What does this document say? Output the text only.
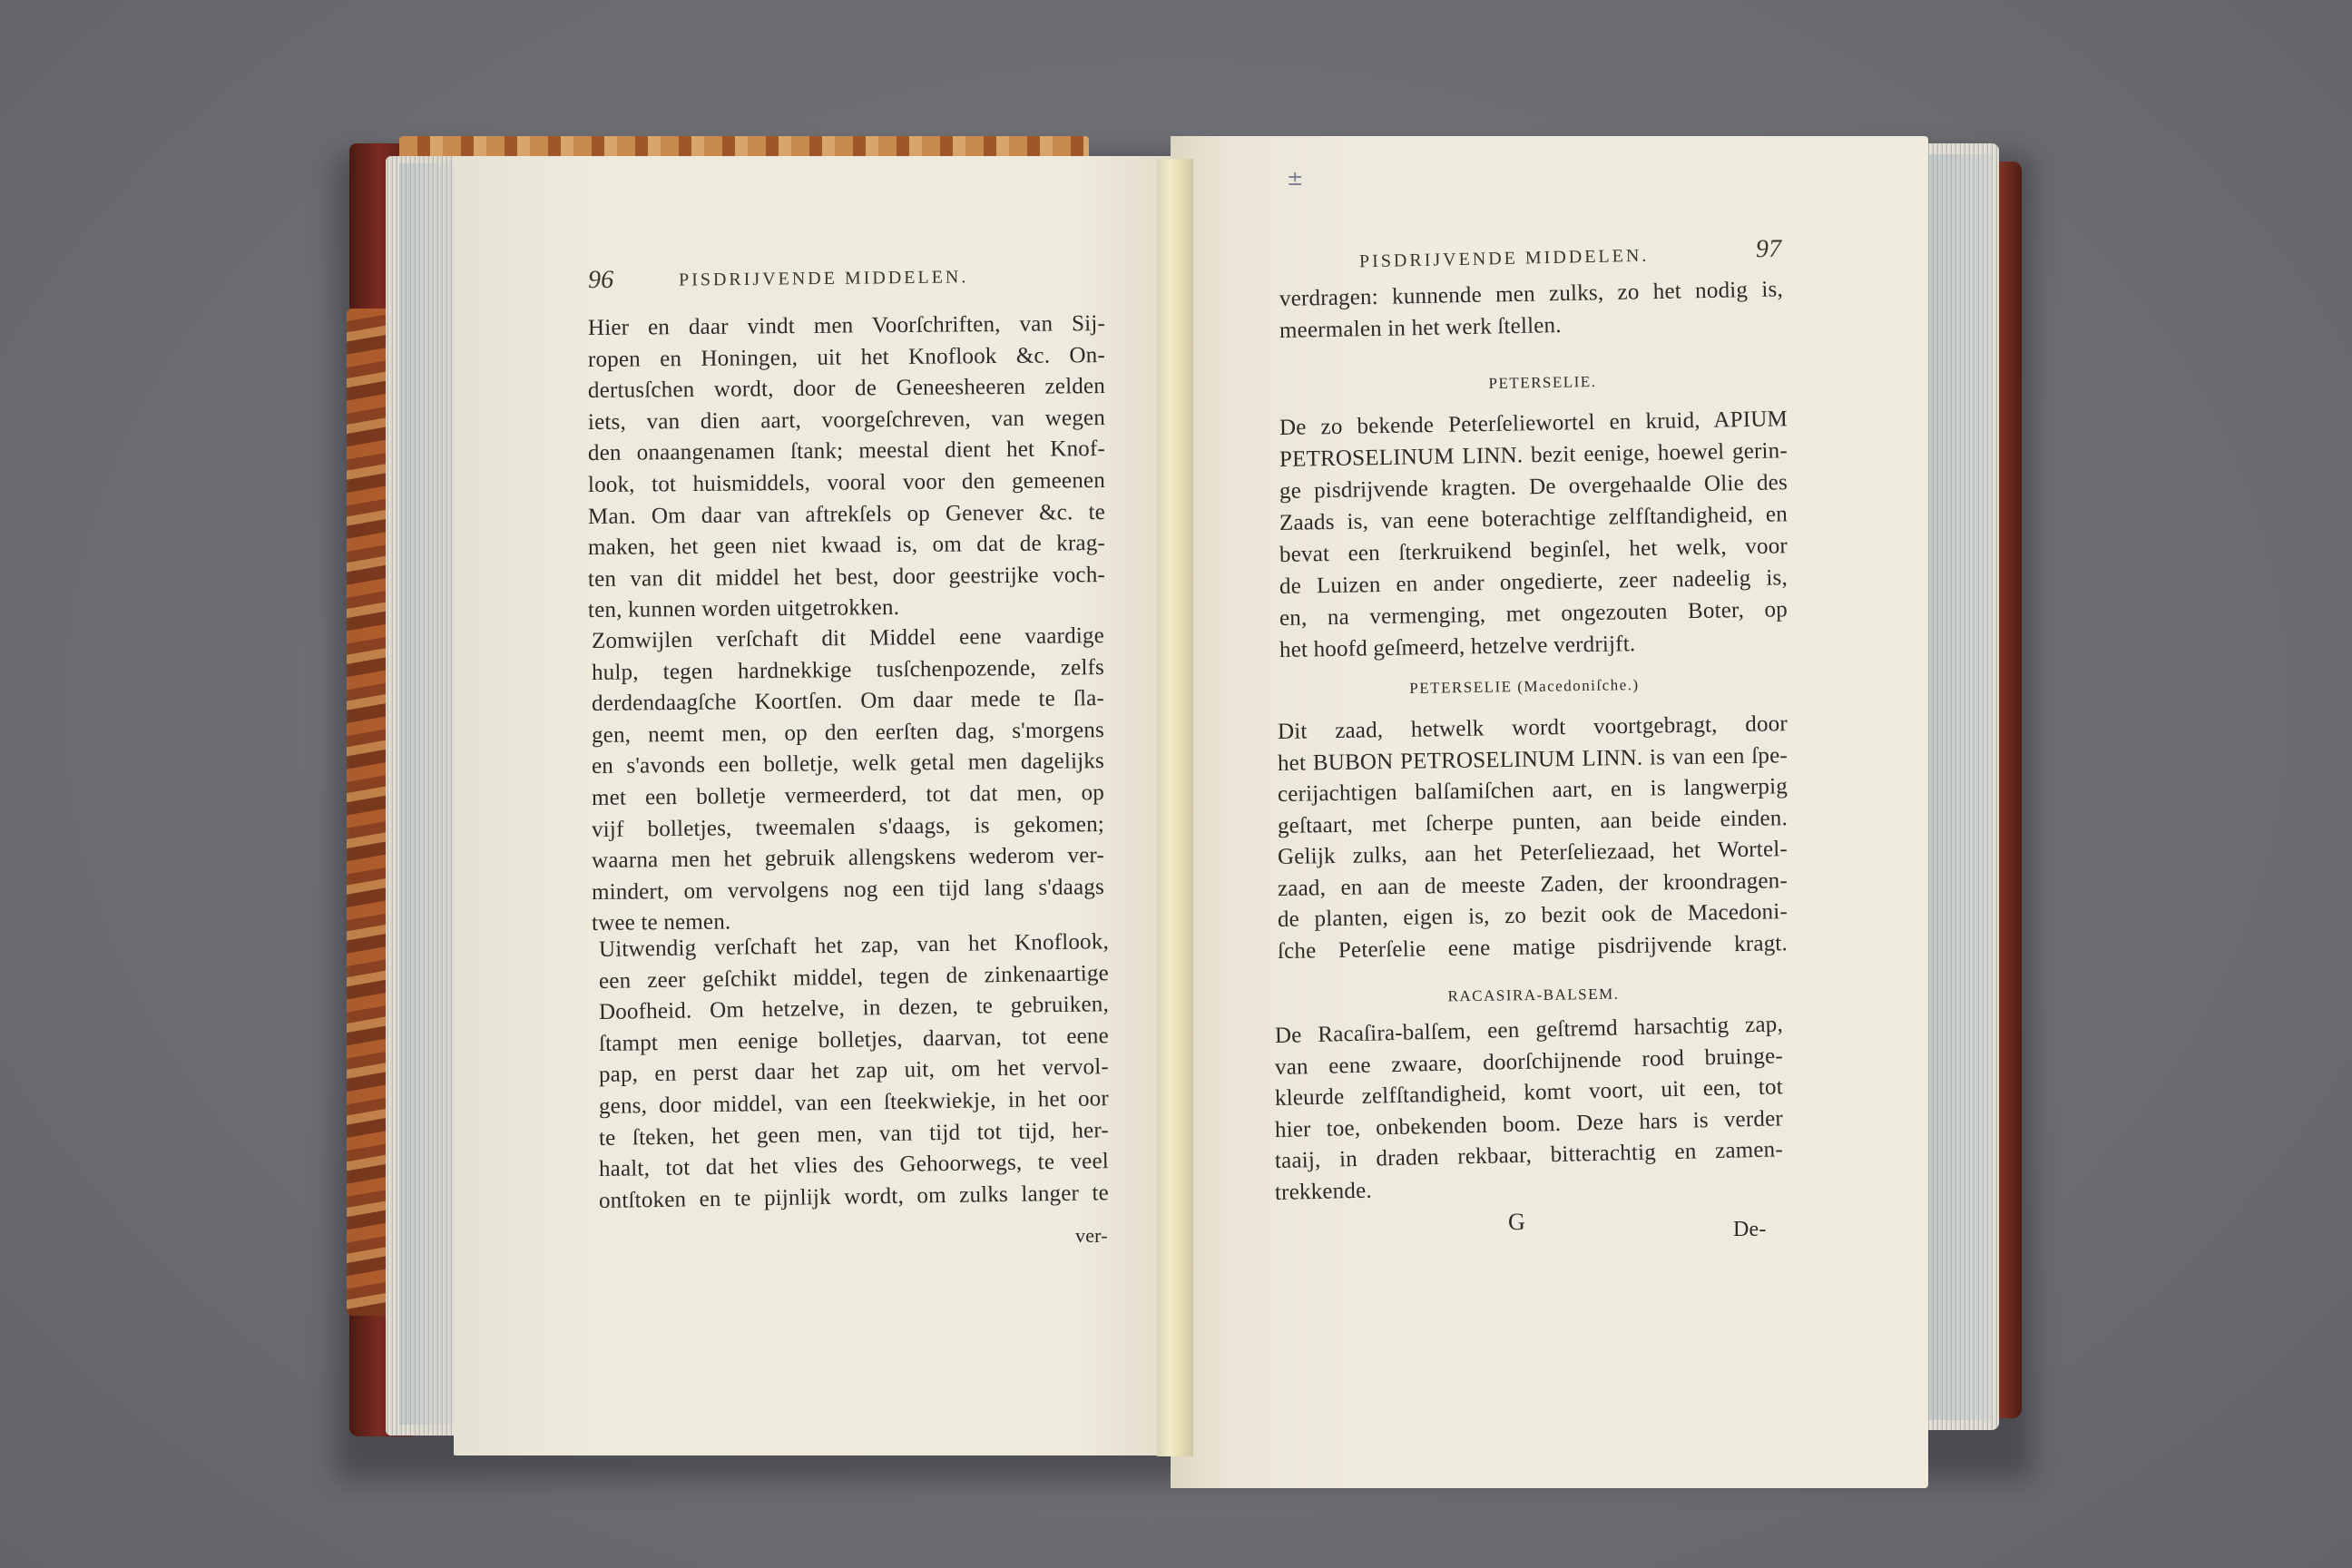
±
96	PISDRIJVENDE MIDDELEN.
Hier en daar vindt men Voorſchriften, van Sij-
ropen en Honingen, uit het Knoflook &c. On-
dertusſchen wordt, door de Geneesheeren zelden
iets, van dien aart, voorgeſchreven, van wegen
den onaangenamen ſtank; meestal dient het Knof-
look, tot huismiddels, vooral voor den gemeenen
Man. Om daar van aftrekſels op Genever &c. te
maken, het geen niet kwaad is, om dat de krag-
ten van dit middel het best, door geestrijke voch-
ten, kunnen worden uitgetrokken.
Zomwijlen verſchaft dit Middel eene vaardige
hulp, tegen hardnekkige tusſchenpozende, zelfs
derdendaagſche Koortſen. Om daar mede te ſla-
gen, neemt men, op den eerſten dag, s'morgens
en s'avonds een bolletje, welk getal men dagelijks
met een bolletje vermeerderd, tot dat men, op
vijf bolletjes, tweemalen s'daags, is gekomen;
waarna men het gebruik allengskens wederom ver-
mindert, om vervolgens nog een tijd lang s'daags
twee te nemen.
Uitwendig verſchaft het zap, van het Knoflook,
een zeer geſchikt middel, tegen de zinkenaartige
Doofheid. Om hetzelve, in dezen, te gebruiken,
ſtampt men eenige bolletjes, daarvan, tot eene
pap, en perst daar het zap uit, om het vervol-
gens, door middel, van een ſteekwiekje, in het oor
te ſteken, het geen men, van tijd tot tijd, her-
haalt, tot dat het vlies des Gehoorwegs, te veel
ontſtoken en te pijnlijk wordt, om zulks langer te
ver-
PISDRIJVENDE MIDDELEN.	97
verdragen: kunnende men zulks, zo het nodig is,
meermalen in het werk ſtellen.
PETERSELIE.
De zo bekende Peterſeliewortel en kruid, APIUM
PETROSELINUM LINN. bezit eenige, hoewel gerin-
ge pisdrijvende kragten. De overgehaalde Olie des
Zaads is, van eene boterachtige zelfſtandigheid, en
bevat een ſterkruikend beginſel, het welk, voor
de Luizen en ander ongedierte, zeer nadeelig is,
en, na vermenging, met ongezouten Boter, op
het hoofd geſmeerd, hetzelve verdrijft.
PETERSELIE (Macedoniſche.)
Dit zaad, hetwelk wordt voortgebragt, door
het BUBON PETROSELINUM LINN. is van een ſpe-
cerijachtigen balſamiſchen aart, en is langwerpig
geſtaart, met ſcherpe punten, aan beide einden.
Gelijk zulks, aan het Peterſeliezaad, het Wortel-
zaad, en aan de meeste Zaden, der kroondragen-
de planten, eigen is, zo bezit ook de Macedoni-
ſche Peterſelie eene matige pisdrijvende kragt.
RACASIRA-BALSEM.
De Racaſira-balſem, een geſtremd harsachtig zap,
van eene zwaare, doorſchijnende rood bruinge-
kleurde zelfſtandigheid, komt voort, uit een, tot
hier toe, onbekenden boom. Deze hars is verder
taaij, in draden rekbaar, bitterachtig en zamen-
trekkende.
G	De-
